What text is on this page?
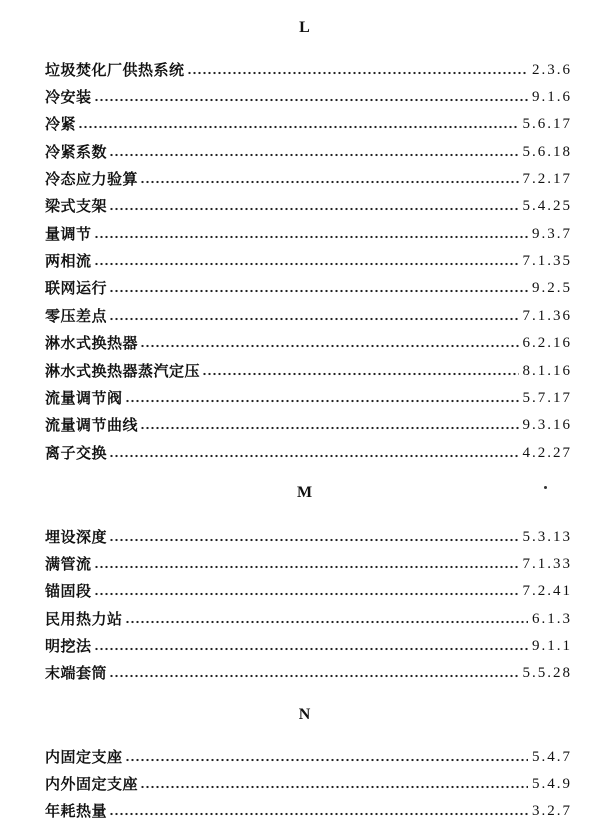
L
垃圾焚化厂供热系统	2.3.6
冷安装	9.1.6
冷紧	5.6.17
冷紧系数	5.6.18
冷态应力验算	7.2.17
梁式支架	5.4.25
量调节	9.3.7
两相流	7.1.35
联网运行	9.2.5
零压差点	7.1.36
淋水式换热器	6.2.16
淋水式换热器蒸汽定压	8.1.16
流量调节阀	5.7.17
流量调节曲线	9.3.16
离子交换	4.2.27
M
埋设深度	5.3.13
满管流	7.1.33
锚固段	7.2.41
民用热力站	6.1.3
明挖法	9.1.1
末端套筒	5.5.28
N
内固定支座	5.4.7
内外固定支座	5.4.9
年耗热量	3.2.7
